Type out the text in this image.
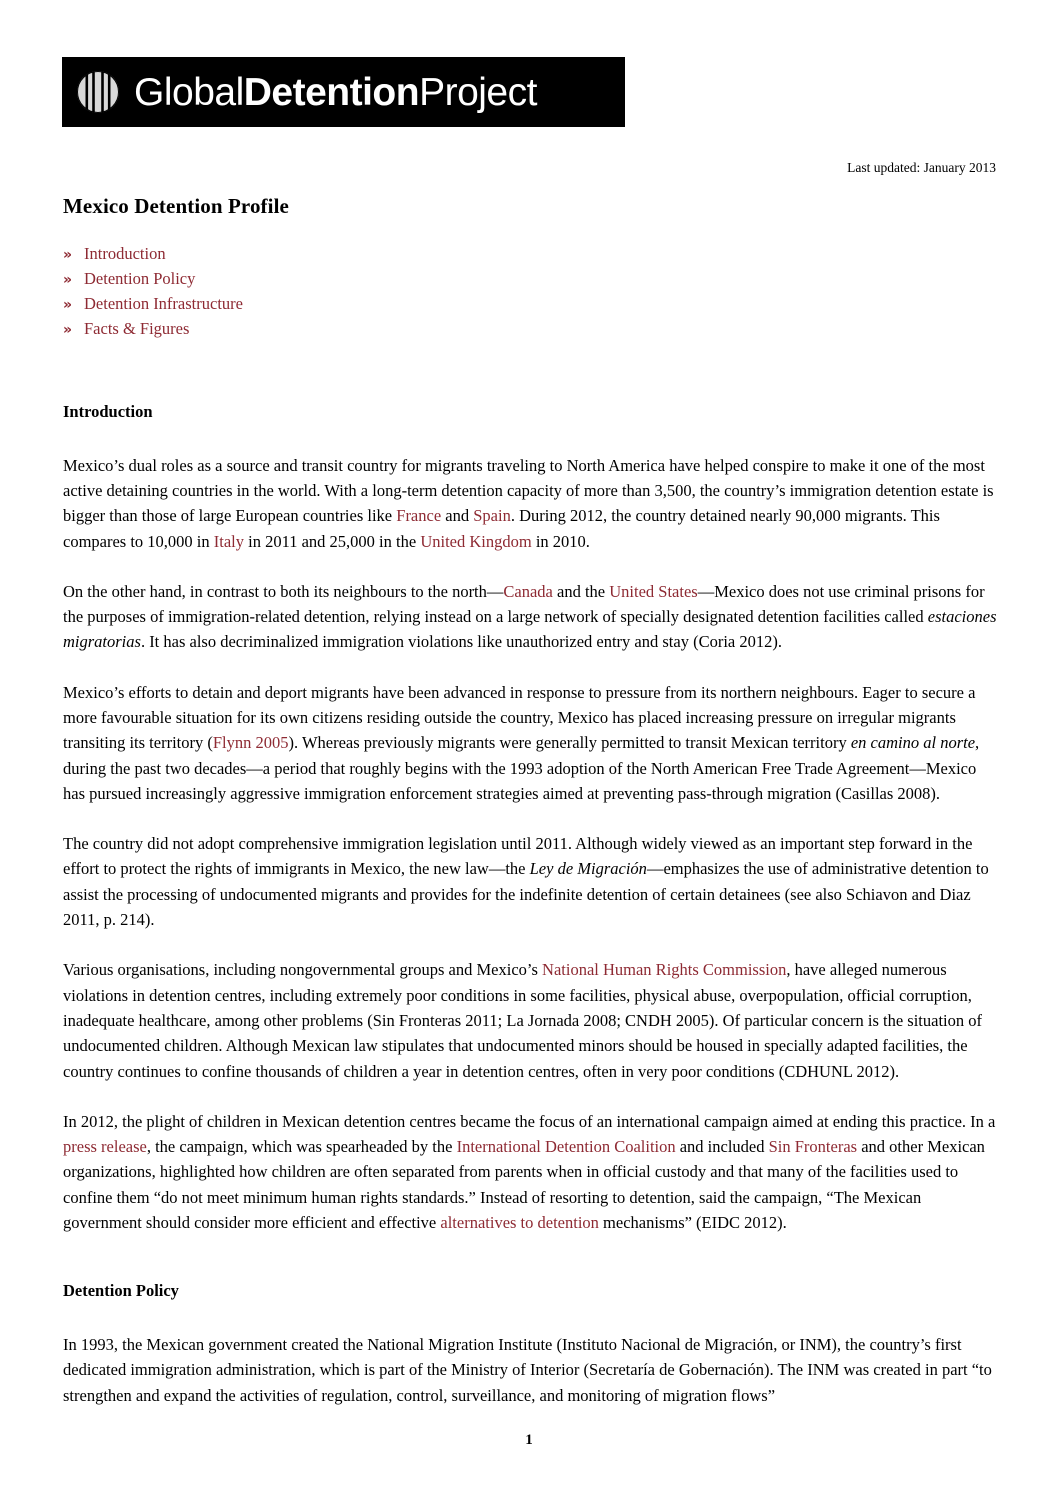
GlobalDetentionProject
Last updated: January 2013
Mexico Detention Profile
» Introduction
» Detention Policy
» Detention Infrastructure
» Facts & Figures
Introduction

Mexico’s dual roles as a source and transit country for migrants traveling to North America have helped conspire to make it one of the most active detaining countries in the world. With a long-term detention capacity of more than 3,500, the country’s immigration detention estate is bigger than those of large European countries like France and Spain. During 2012, the country detained nearly 90,000 migrants. This compares to 10,000 in Italy in 2011 and 25,000 in the United Kingdom in 2010.

On the other hand, in contrast to both its neighbours to the north—Canada and the United States—Mexico does not use criminal prisons for the purposes of immigration-related detention, relying instead on a large network of specially designated detention facilities called estaciones migratorias. It has also decriminalized immigration violations like unauthorized entry and stay (Coria 2012).

Mexico’s efforts to detain and deport migrants have been advanced in response to pressure from its northern neighbours. Eager to secure a more favourable situation for its own citizens residing outside the country, Mexico has placed increasing pressure on irregular migrants transiting its territory (Flynn 2005). Whereas previously migrants were generally permitted to transit Mexican territory en camino al norte, during the past two decades—a period that roughly begins with the 1993 adoption of the North American Free Trade Agreement—Mexico has pursued increasingly aggressive immigration enforcement strategies aimed at preventing pass-through migration (Casillas 2008).

The country did not adopt comprehensive immigration legislation until 2011. Although widely viewed as an important step forward in the effort to protect the rights of immigrants in Mexico, the new law—the Ley de Migración—emphasizes the use of administrative detention to assist the processing of undocumented migrants and provides for the indefinite detention of certain detainees (see also Schiavon and Diaz 2011, p. 214).

Various organisations, including nongovernmental groups and Mexico’s National Human Rights Commission, have alleged numerous violations in detention centres, including extremely poor conditions in some facilities, physical abuse, overpopulation, official corruption, inadequate healthcare, among other problems (Sin Fronteras 2011; La Jornada 2008; CNDH 2005). Of particular concern is the situation of undocumented children. Although Mexican law stipulates that undocumented minors should be housed in specially adapted facilities, the country continues to confine thousands of children a year in detention centres, often in very poor conditions (CDHUNL 2012).

In 2012, the plight of children in Mexican detention centres became the focus of an international campaign aimed at ending this practice. In a press release, the campaign, which was spearheaded by the International Detention Coalition and included Sin Fronteras and other Mexican organizations, highlighted how children are often separated from parents when in official custody and that many of the facilities used to confine them “do not meet minimum human rights standards.” Instead of resorting to detention, said the campaign, “The Mexican government should consider more efficient and effective alternatives to detention mechanisms” (EIDC 2012).

Detention Policy

In 1993, the Mexican government created the National Migration Institute (Instituto Nacional de Migración, or INM), the country’s first dedicated immigration administration, which is part of the Ministry of Interior (Secretaría de Gobernación). The INM was created in part “to strengthen and expand the activities of regulation, control, surveillance, and monitoring of migration flows”

1
